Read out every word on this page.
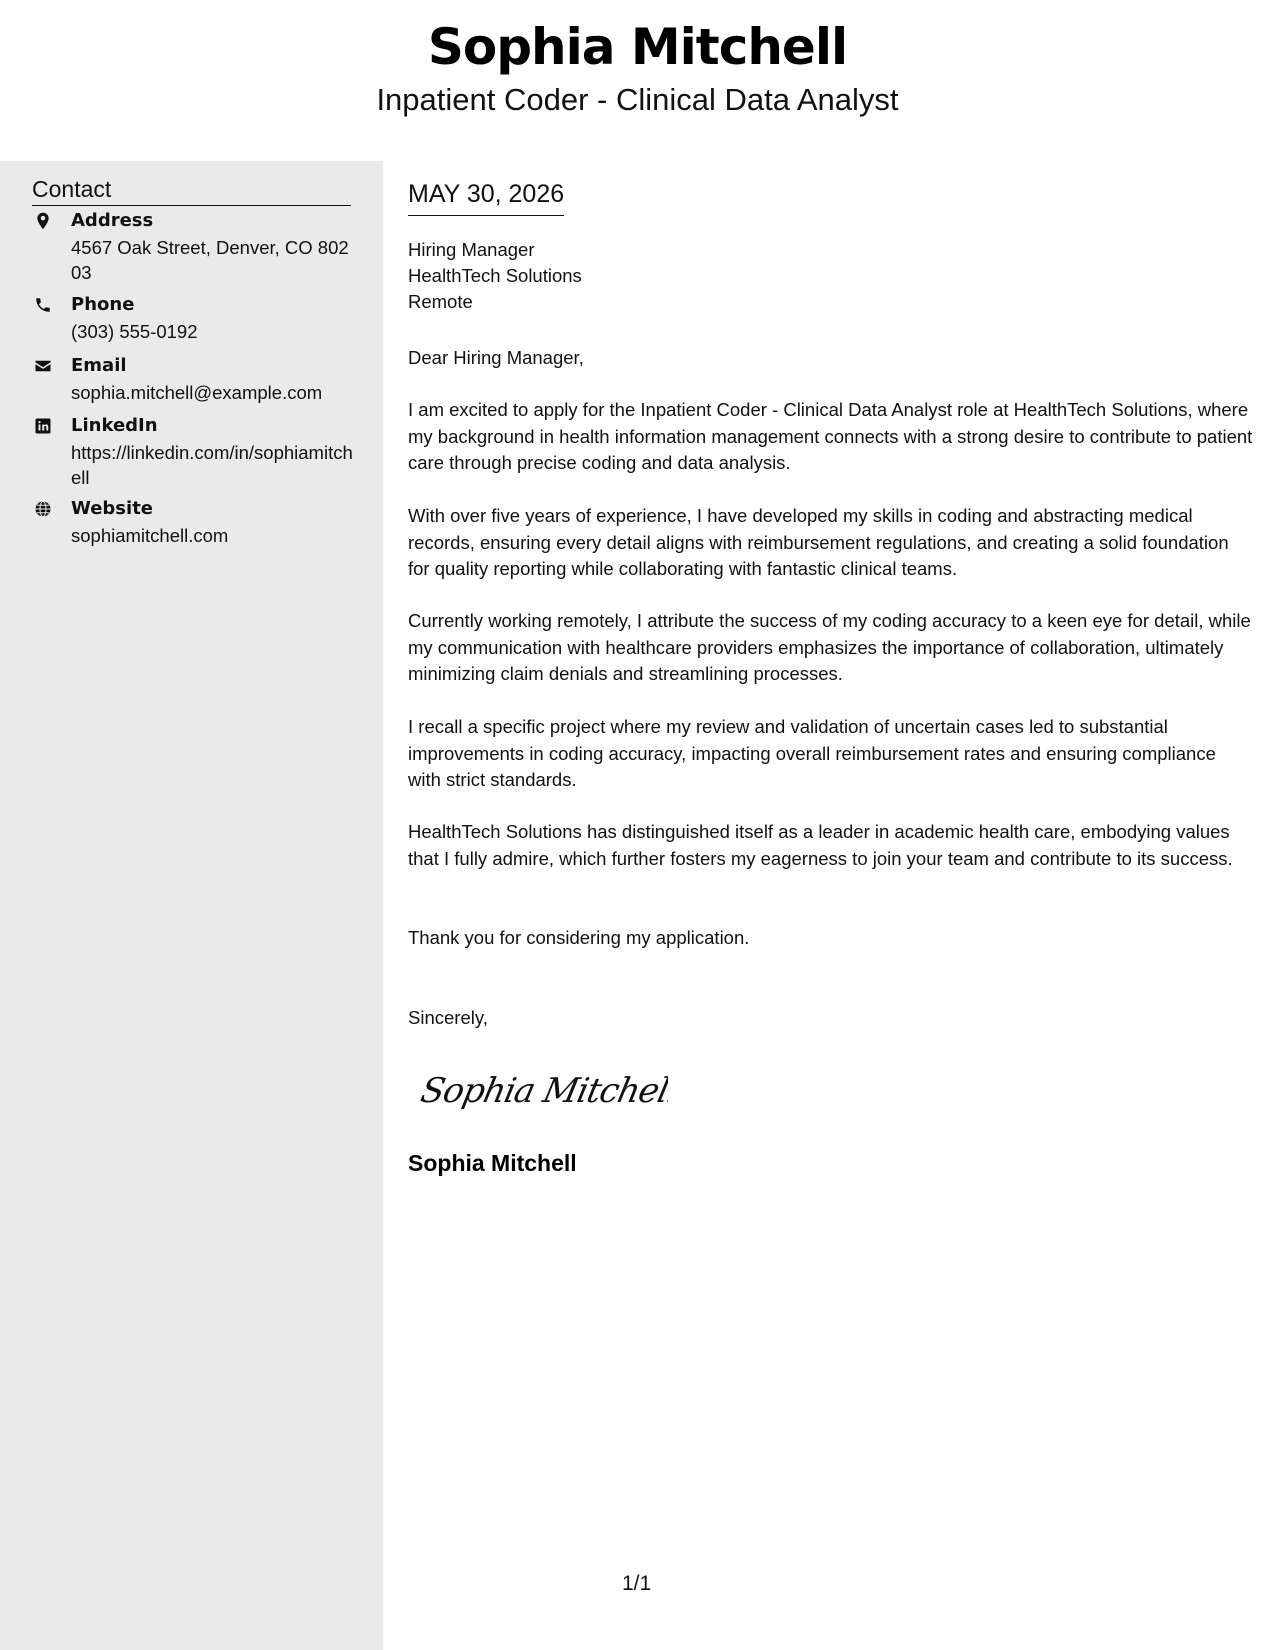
Sophia Mitchell
Inpatient Coder - Clinical Data Analyst
Contact
Address
4567 Oak Street, Denver, CO 80203
Phone
(303) 555-0192
Email
sophia.mitchell@example.com
LinkedIn
https://linkedin.com/in/sophiamitchell
Website
sophiamitchell.com
MAY 30, 2026
Hiring Manager
HealthTech Solutions
Remote
Dear Hiring Manager,
I am excited to apply for the Inpatient Coder - Clinical Data Analyst role at HealthTech Solutions, where my background in health information management connects with a strong desire to contribute to patient care through precise coding and data analysis.
With over five years of experience, I have developed my skills in coding and abstracting medical records, ensuring every detail aligns with reimbursement regulations, and creating a solid foundation for quality reporting while collaborating with fantastic clinical teams.
Currently working remotely, I attribute the success of my coding accuracy to a keen eye for detail, while my communication with healthcare providers emphasizes the importance of collaboration, ultimately minimizing claim denials and streamlining processes.
I recall a specific project where my review and validation of uncertain cases led to substantial improvements in coding accuracy, impacting overall reimbursement rates and ensuring compliance with strict standards.
HealthTech Solutions has distinguished itself as a leader in academic health care, embodying values that I fully admire, which further fosters my eagerness to join your team and contribute to its success.
Thank you for considering my application.
Sincerely,
Sophia Mitchell
Sophia Mitchell
1/1
